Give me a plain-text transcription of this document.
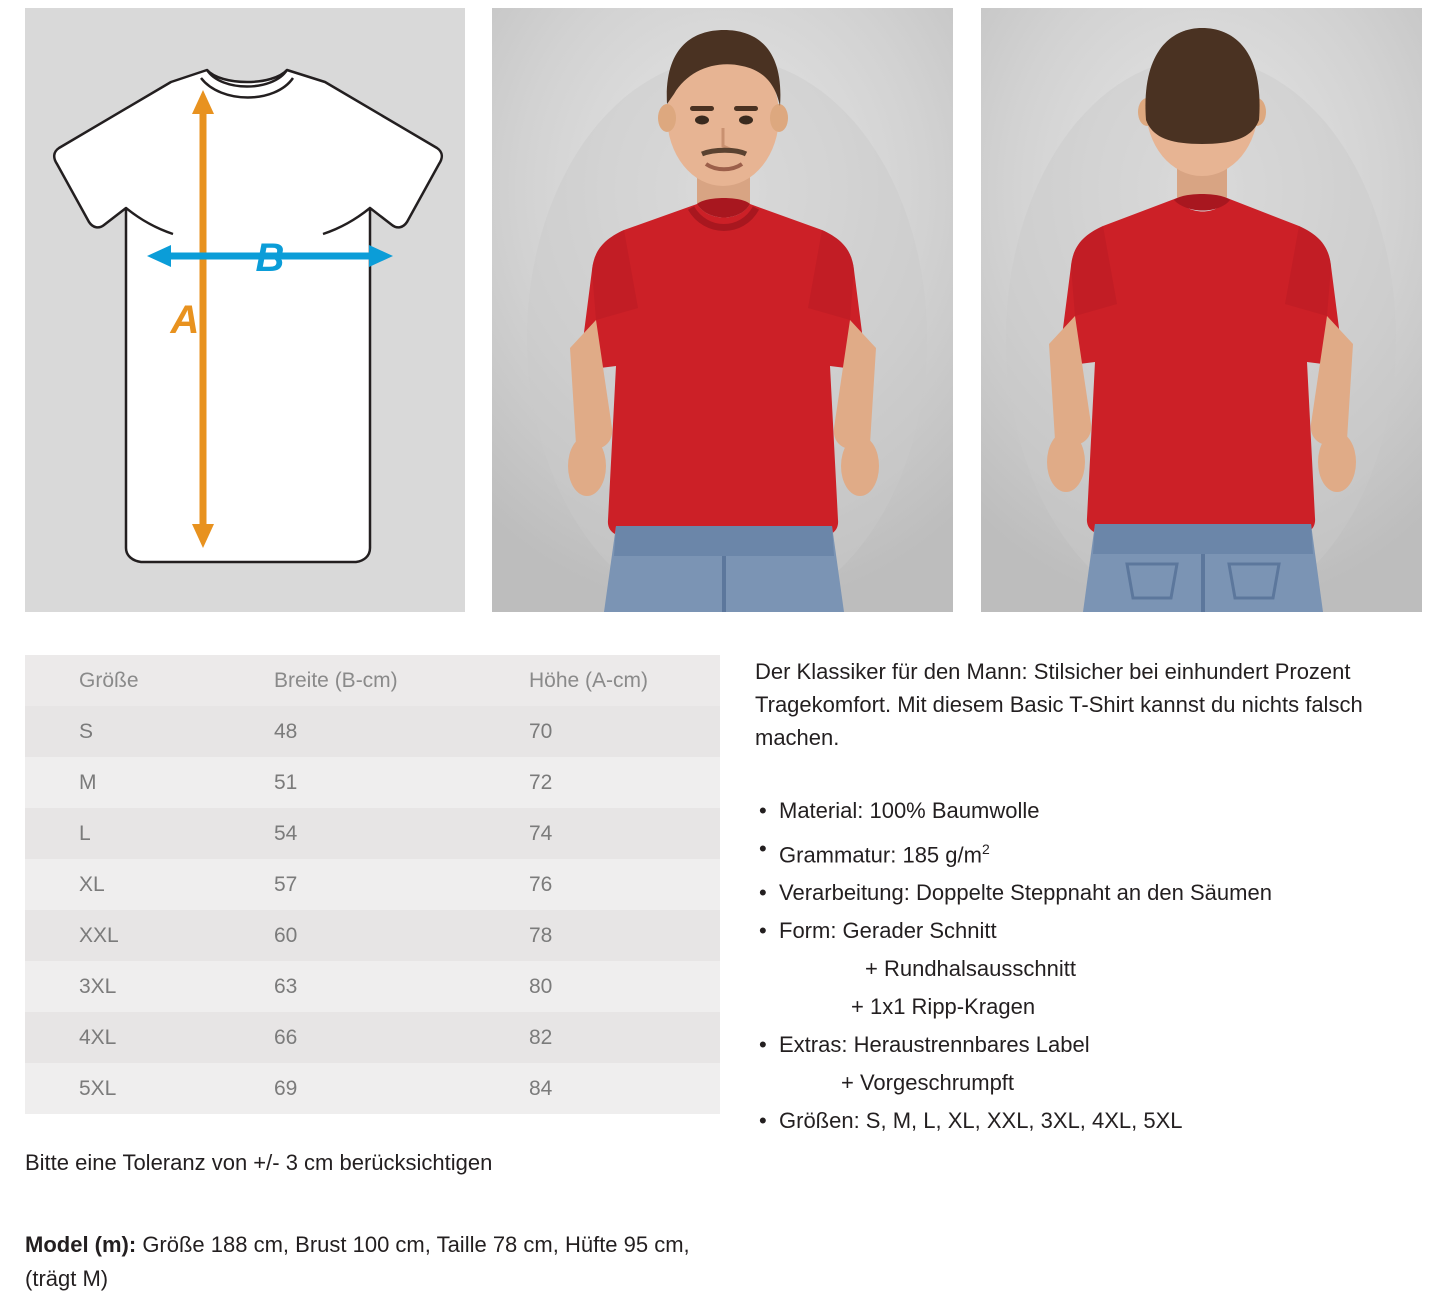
A
B
Größe	Breite (B-cm)	Höhe (A-cm)
S	48	70
M	51	72
L	54	74
XL	57	76
XXL	60	78
3XL	63	80
4XL	66	82
5XL	69	84
Bitte eine Toleranz von +/- 3 cm berücksichtigen
Model (m): Größe 188 cm, Brust 100 cm, Taille 78 cm, Hüfte 95 cm, (trägt M)

Der Klassiker für den Mann: Stilsicher bei einhundert Prozent Tragekomfort. Mit diesem Basic T-Shirt kannst du nichts falsch machen.

• Material: 100% Baumwolle
• Grammatur: 185 $g/m^2$
• Verarbeitung: Doppelte Steppnaht an den Säumen
• Form: Gerader Schnitt
+ Rundhalsausschnitt
+ 1x1 Ripp-Kragen
• Extras: Heraustrennbares Label
+ Vorgeschrumpft
• Größen: S, M, L, XL, XXL, 3XL, 4XL, 5XL
